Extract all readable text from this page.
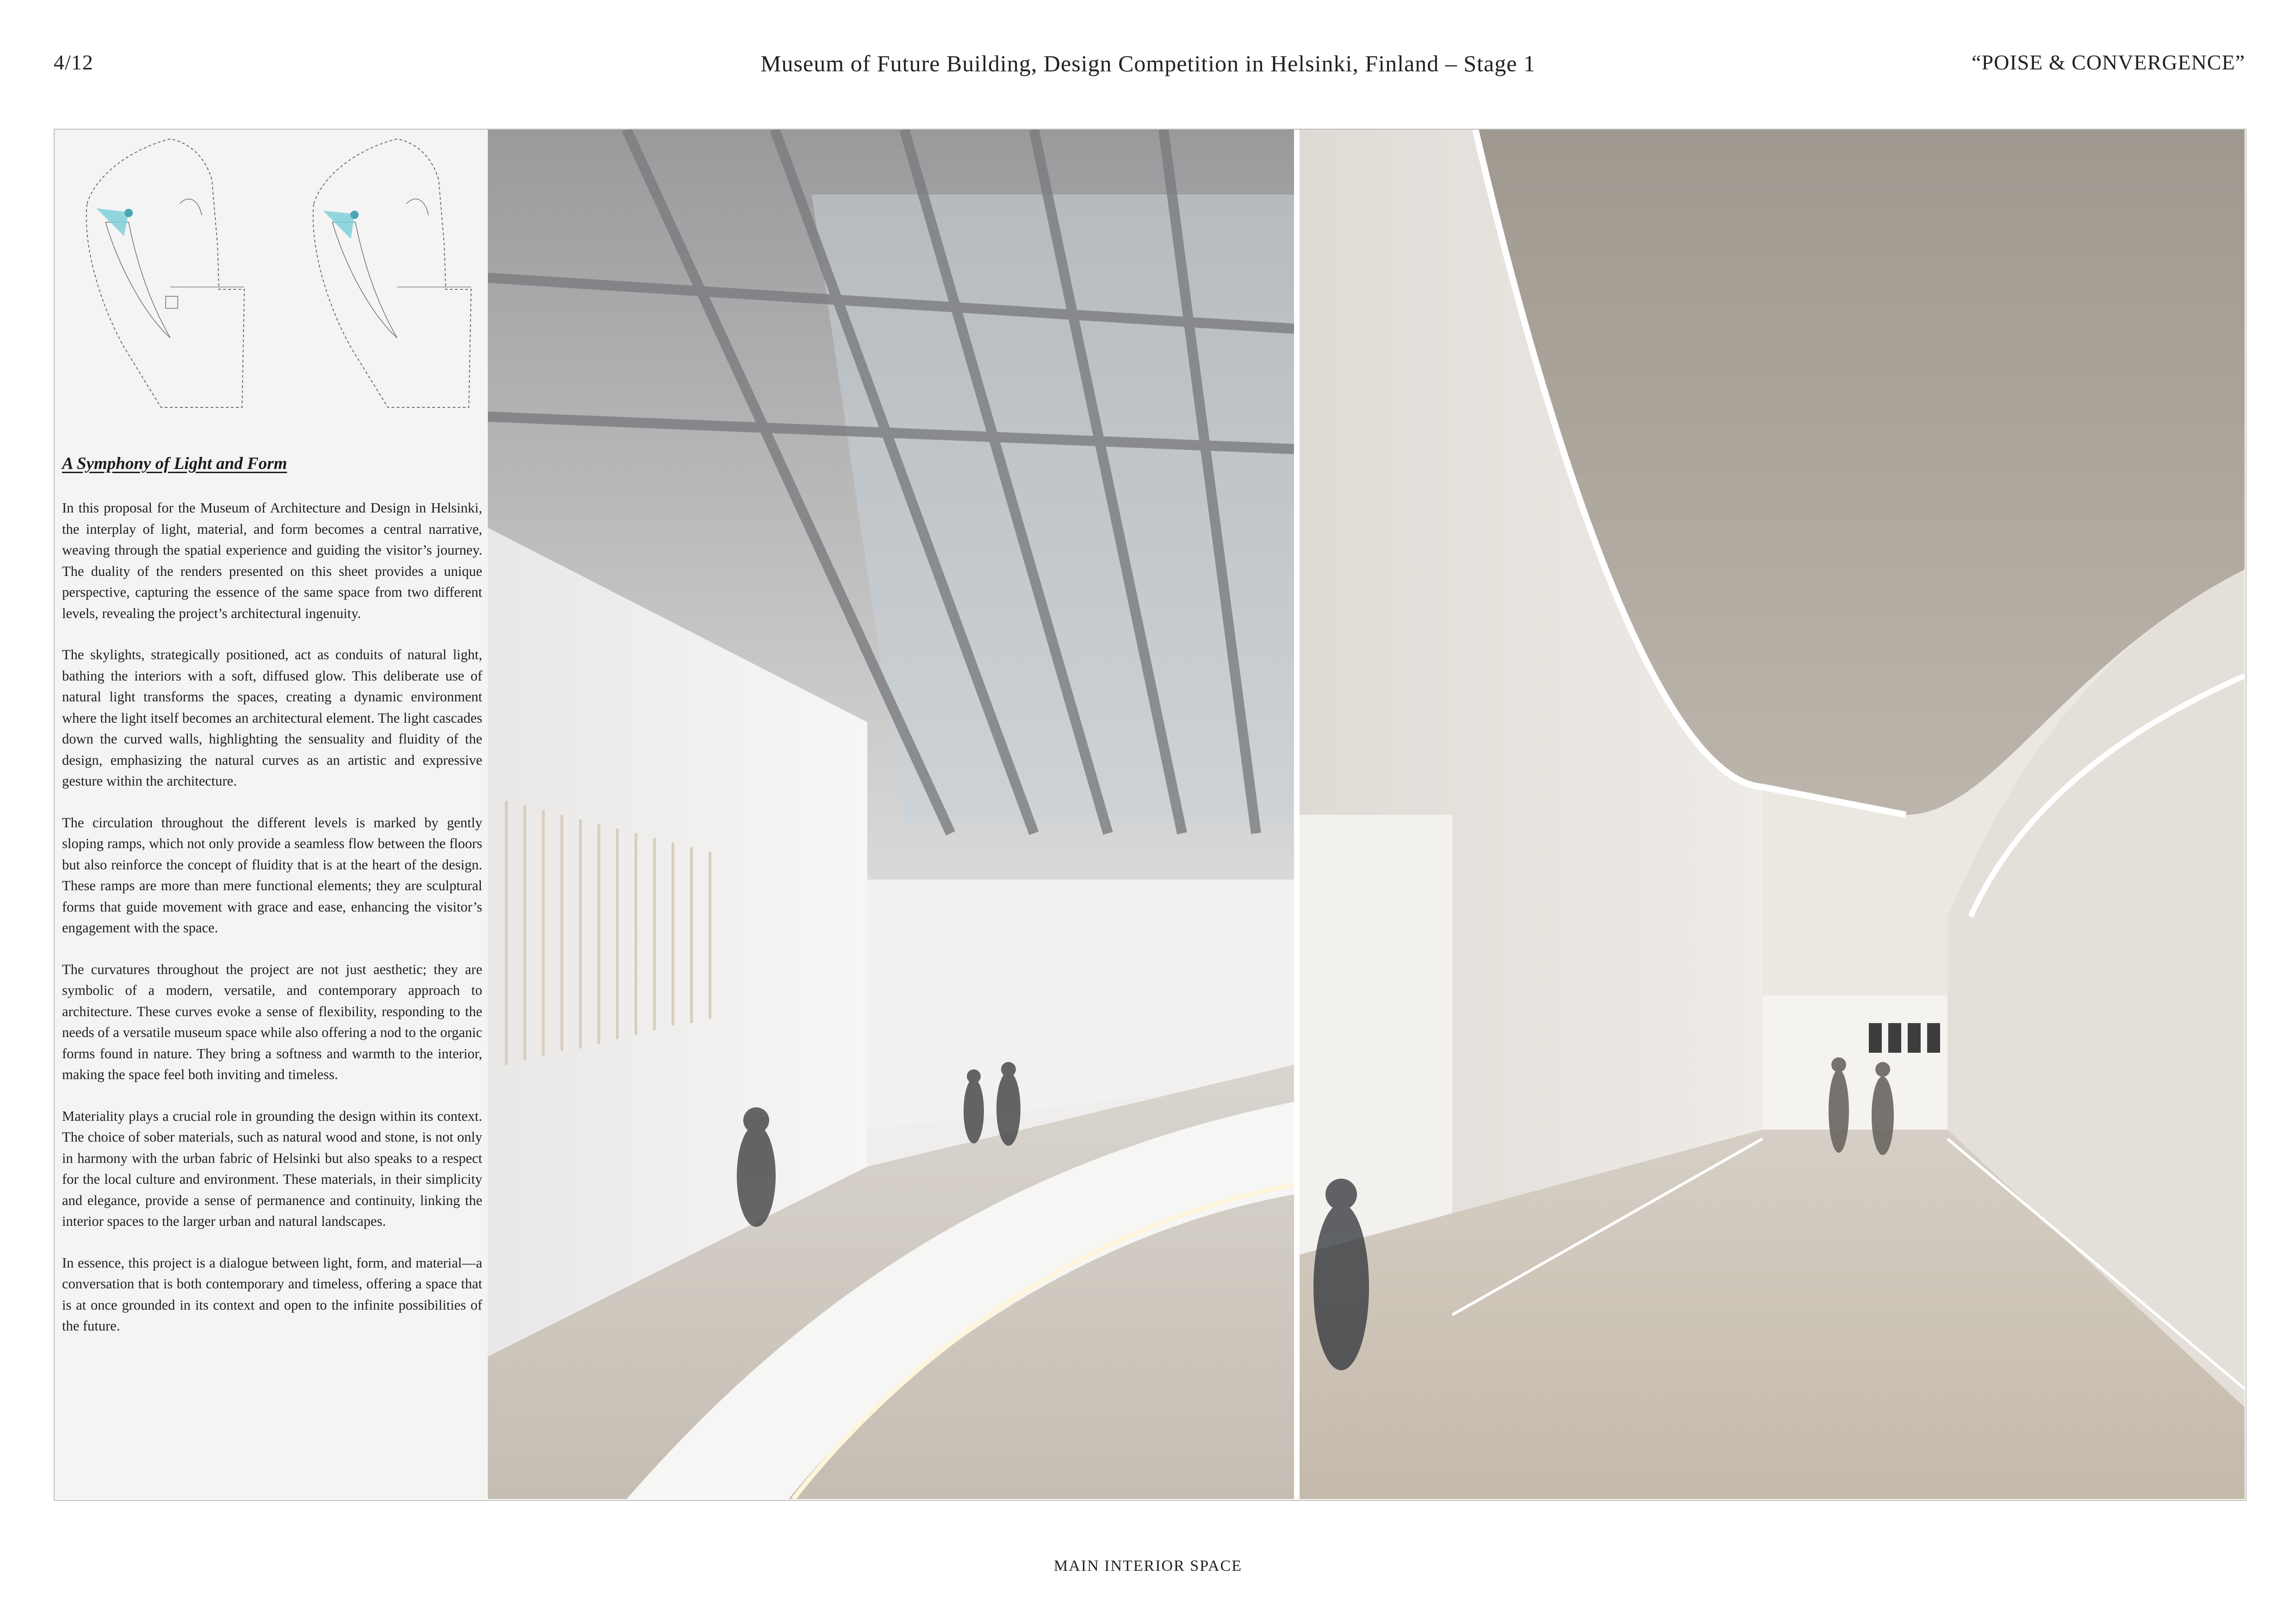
4/12	Museum of Future Building, Design Competition in Helsinki, Finland – Stage 1	“POISE & CONVERGENCE”
A Symphony of Light and Form

In this proposal for the Museum of Architecture and Design in Helsinki, the interplay of light, material, and form becomes a central narrative, weaving through the spatial experience and guiding the visitor’s journey. The duality of the renders presented on this sheet provides a unique perspective, capturing the essence of the same space from two different levels, revealing the project’s architectural ingenuity.

The skylights, strategically positioned, act as conduits of natural light, bathing the interiors with a soft, diffused glow. This deliberate use of natural light transforms the spaces, creating a dynamic environment where the light itself becomes an architectural element. The light cascades down the curved walls, highlighting the sensuality and fluidity of the design, emphasizing the natural curves as an artistic and expressive gesture within the architecture.

The circulation throughout the different levels is marked by gently sloping ramps, which not only provide a seamless flow between the floors but also reinforce the concept of fluidity that is at the heart of the design. These ramps are more than mere functional elements; they are sculptural forms that guide movement with grace and ease, enhancing the visitor’s engagement with the space.

The curvatures throughout the project are not just aesthetic; they are symbolic of a modern, versatile, and contemporary approach to architecture. These curves evoke a sense of flexibility, responding to the needs of a versatile museum space while also offering a nod to the organic forms found in nature. They bring a softness and warmth to the interior, making the space feel both inviting and timeless.

Materiality plays a crucial role in grounding the design within its context. The choice of sober materials, such as natural wood and stone, is not only in harmony with the urban fabric of Helsinki but also speaks to a respect for the local culture and environment. These materials, in their simplicity and elegance, provide a sense of permanence and continuity, linking the interior spaces to the larger urban and natural landscapes.

In essence, this project is a dialogue between light, form, and material—a conversation that is both contemporary and timeless, offering a space that is at once grounded in its context and open to the infinite possibilities of the future.

MAIN INTERIOR SPACE
